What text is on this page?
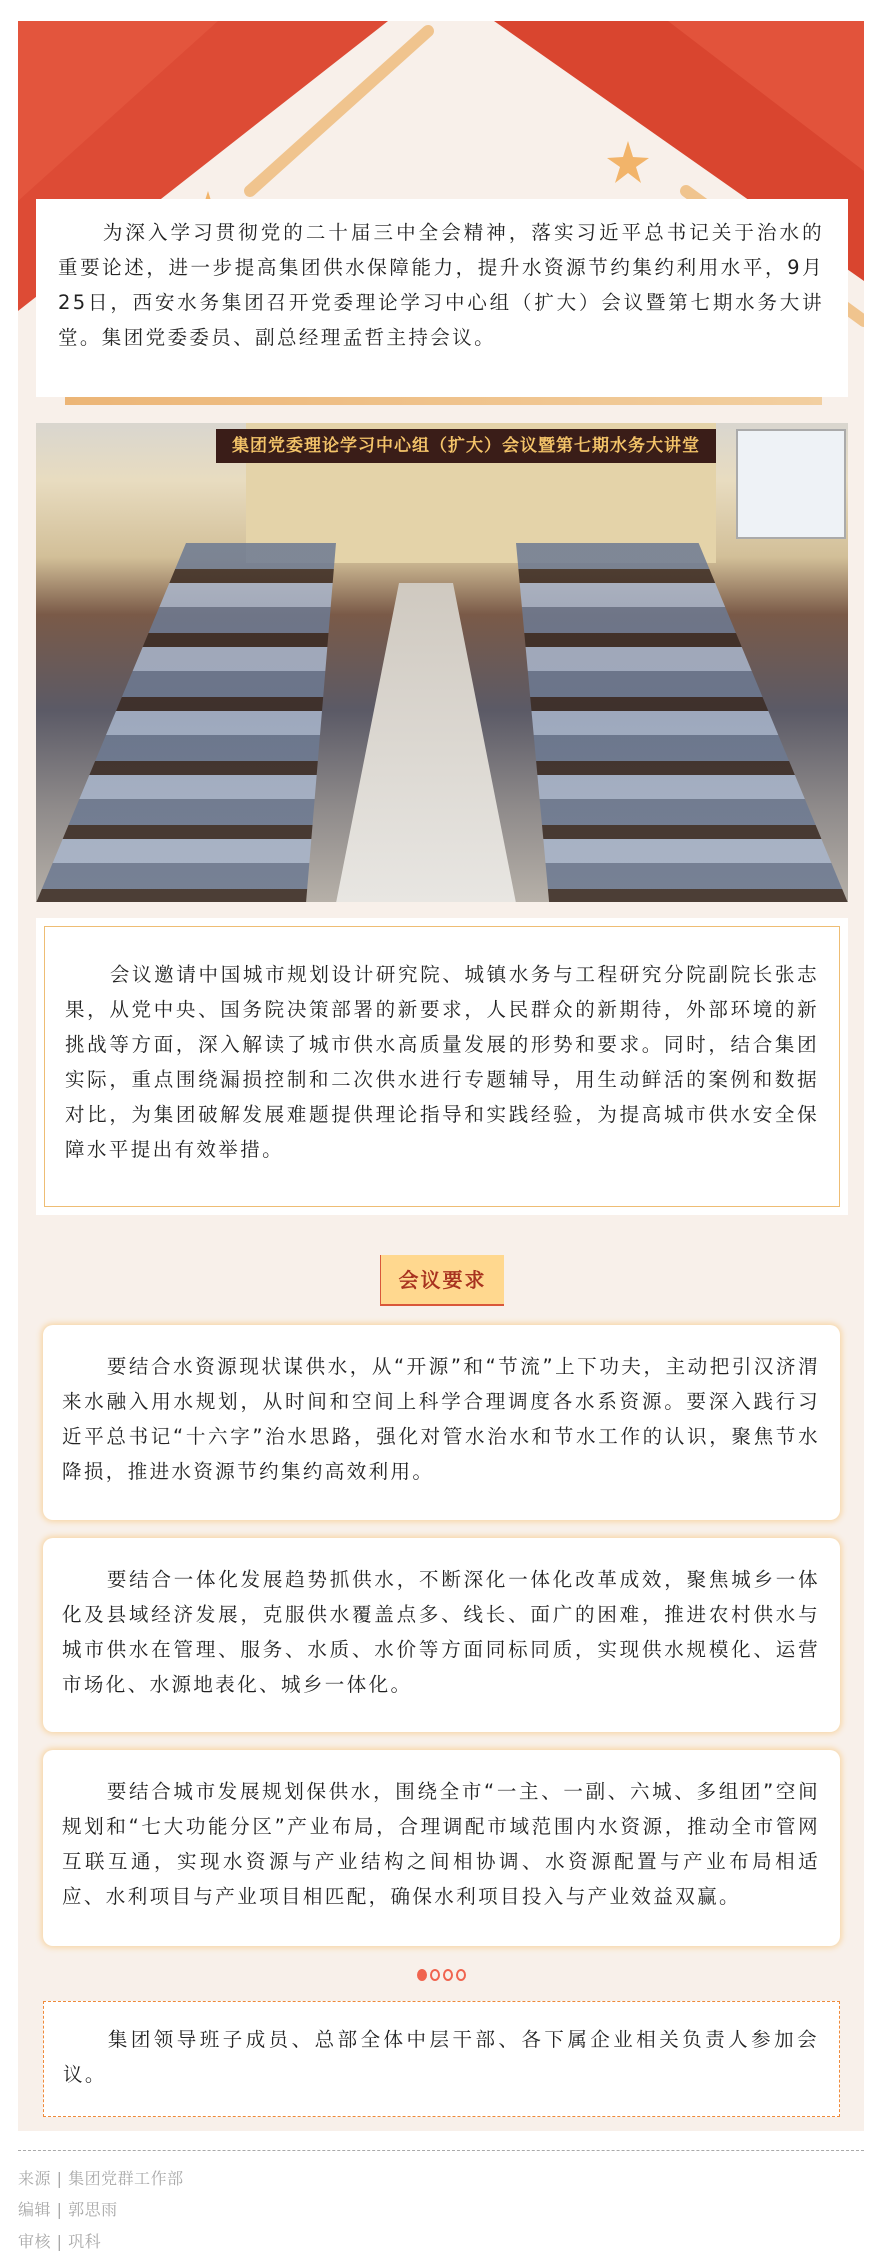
为深入学习贯彻党的二十届三中全会精神，落实习近平总书记关于治水的重要论述，进一步提高集团供水保障能力，提升水资源节约集约利用水平，9月25日，西安水务集团召开党委理论学习中心组（扩大）会议暨第七期水务大讲堂。集团党委委员、副总经理孟哲主持会议。

集团党委理论学习中心组（扩大）会议暨第七期水务大讲堂

会议邀请中国城市规划设计研究院、城镇水务与工程研究分院副院长张志果，从党中央、国务院决策部署的新要求，人民群众的新期待，外部环境的新挑战等方面，深入解读了城市供水高质量发展的形势和要求。同时，结合集团实际，重点围绕漏损控制和二次供水进行专题辅导，用生动鲜活的案例和数据对比，为集团破解发展难题提供理论指导和实践经验，为提高城市供水安全保障水平提出有效举措。

会议要求

要结合水资源现状谋供水，从“开源”和“节流”上下功夫，主动把引汉济渭来水融入用水规划，从时间和空间上科学合理调度各水系资源。要深入践行习近平总书记“十六字”治水思路，强化对管水治水和节水工作的认识，聚焦节水降损，推进水资源节约集约高效利用。

要结合一体化发展趋势抓供水，不断深化一体化改革成效，聚焦城乡一体化及县域经济发展，克服供水覆盖点多、线长、面广的困难，推进农村供水与城市供水在管理、服务、水质、水价等方面同标同质，实现供水规模化、运营市场化、水源地表化、城乡一体化。

要结合城市发展规划保供水，围绕全市“一主、一副、六城、多组团”空间规划和“七大功能分区”产业布局，合理调配市域范围内水资源，推动全市管网互联互通，实现水资源与产业结构之间相协调、水资源配置与产业布局相适应、水利项目与产业项目相匹配，确保水利项目投入与产业效益双赢。

集团领导班子成员、总部全体中层干部、各下属企业相关负责人参加会议。

来源 | 集团党群工作部
编辑 | 郭思雨
审核 | 巩科
